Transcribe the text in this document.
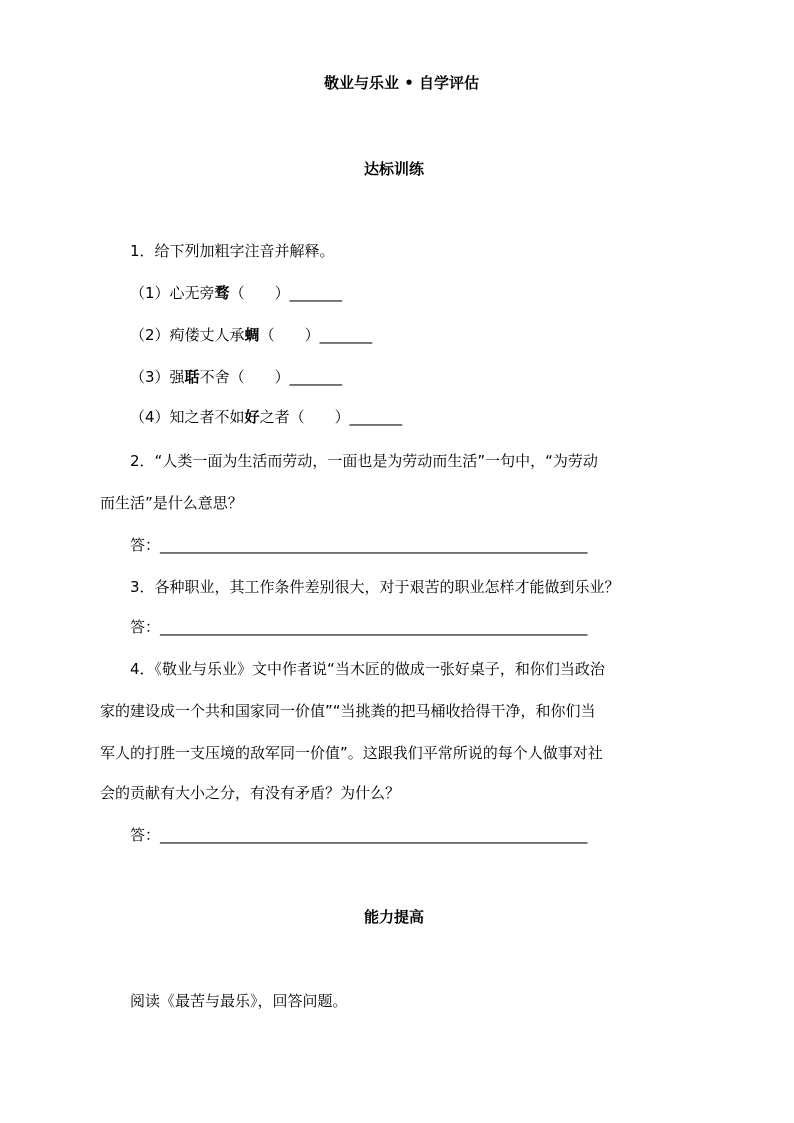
敬业与乐业 • 自学评估
达标训练
1．给下列加粗字注音并解释。
（1）心无旁骛（　　）_______
（2）痀偻丈人承蜩（　　）_______
（3）强聒不舍（　　）_______
（4）知之者不如好之者（　　）_______
2．“人类一面为生活而劳动，一面也是为劳动而生活”一句中，“为劳动
而生活”是什么意思？
答：_________________________________________________________
3．各种职业，其工作条件差别很大，对于艰苦的职业怎样才能做到乐业？
答：_________________________________________________________
4．《敬业与乐业》文中作者说“当木匠的做成一张好桌子，和你们当政治
家的建设成一个共和国家同一价值”“当挑粪的把马桶收拾得干净，和你们当
军人的打胜一支压境的敌军同一价值”。这跟我们平常所说的每个人做事对社
会的贡献有大小之分，有没有矛盾？为什么？
答：_________________________________________________________
能力提高
阅读《最苦与最乐》，回答问题。
